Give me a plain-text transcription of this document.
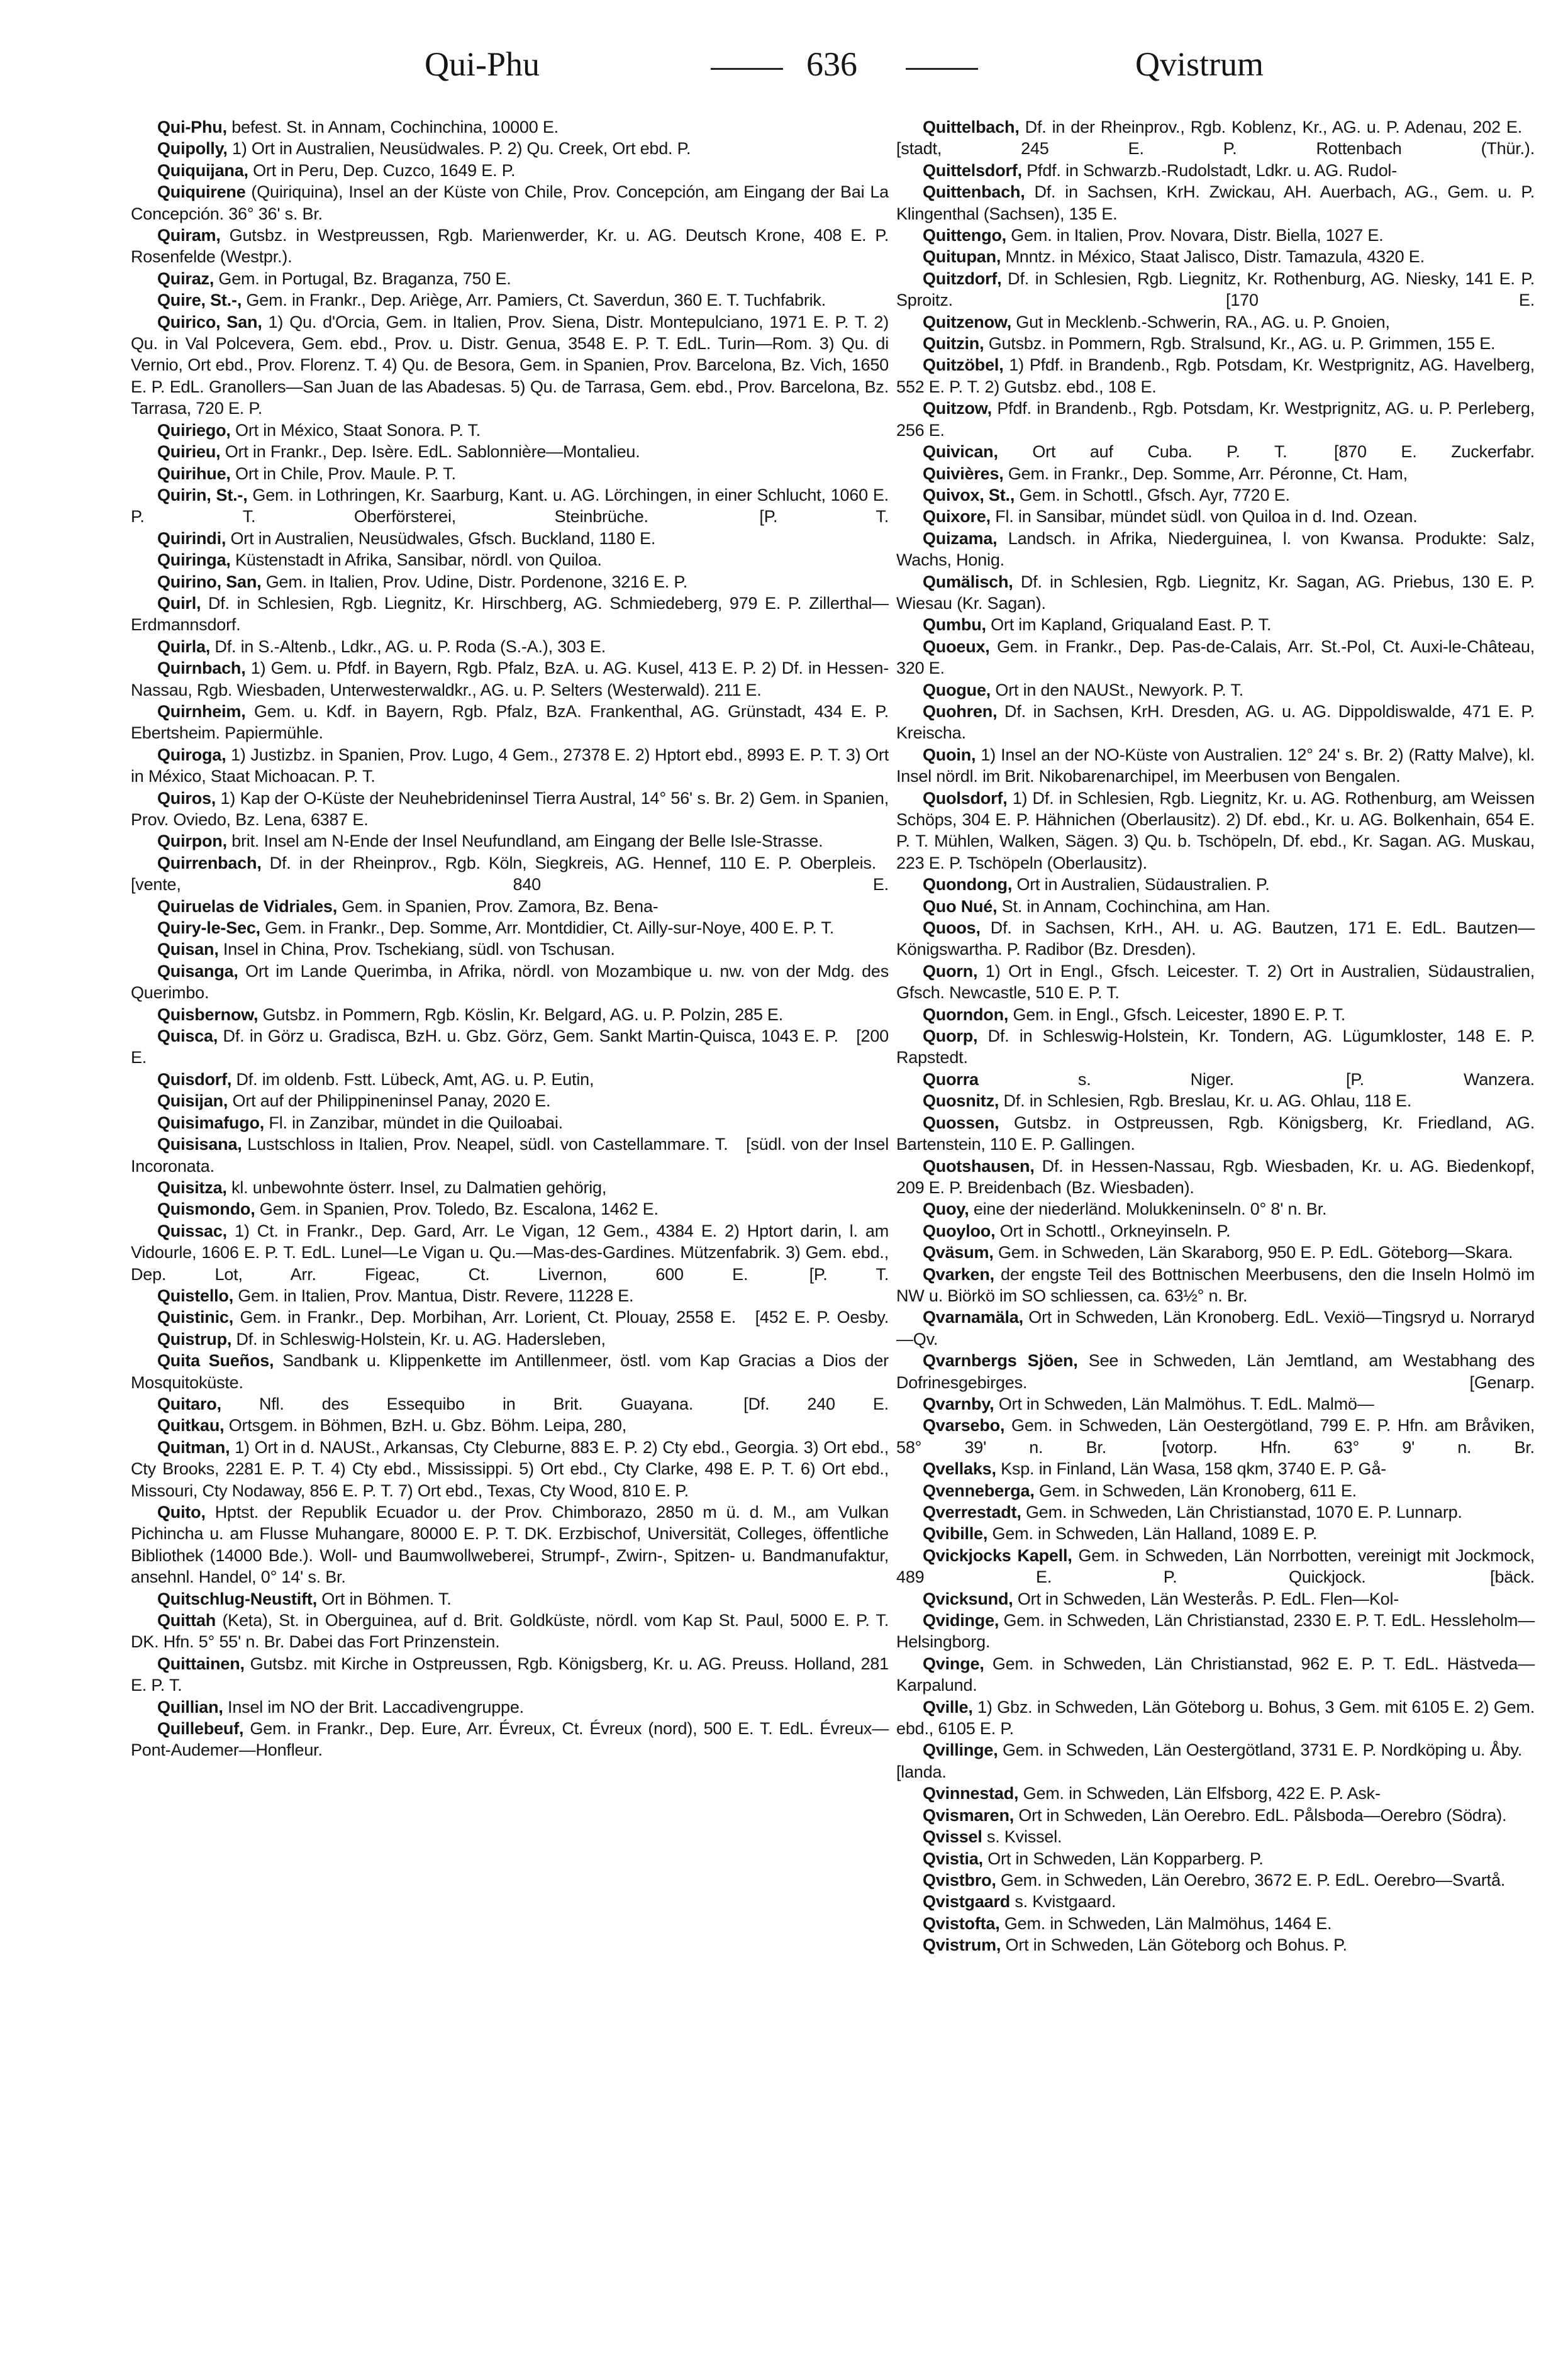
Qui-Phu	636	Qvistrum

Qui-Phu, befest. St. in Annam, Cochinchina, 10000 E.

Quipolly, 1) Ort in Australien, Neusüdwales. P. 2) Qu. Creek, Ort ebd. P.

Quiquijana, Ort in Peru, Dep. Cuzco, 1649 E. P.

Quiquirene (Quiriquina), Insel an der Küste von Chile, Prov. Concepción, am Eingang der Bai La Concepción. 36° 36' s. Br.

Quiram, Gutsbz. in Westpreussen, Rgb. Marienwerder, Kr. u. AG. Deutsch Krone, 408 E. P. Rosenfelde (Westpr.).

Quiraz, Gem. in Portugal, Bz. Braganza, 750 E.

Quire, St.-, Gem. in Frankr., Dep. Ariège, Arr. Pamiers, Ct. Saverdun, 360 E. T. Tuchfabrik.

Quirico, San, 1) Qu. d'Orcia, Gem. in Italien, Prov. Siena, Distr. Montepulciano, 1971 E. P. T. 2) Qu. in Val Polcevera, Gem. ebd., Prov. u. Distr. Genua, 3548 E. P. T. EdL. Turin—Rom. 3) Qu. di Vernio, Ort ebd., Prov. Florenz. T. 4) Qu. de Besora, Gem. in Spanien, Prov. Barcelona, Bz. Vich, 1650 E. P. EdL. Granollers—San Juan de las Abadesas. 5) Qu. de Tarrasa, Gem. ebd., Prov. Barcelona, Bz. Tarrasa, 720 E. P.

Quiriego, Ort in México, Staat Sonora. P. T.

Quirieu, Ort in Frankr., Dep. Isère. EdL. Sablonnière—Montalieu.

Quirihue, Ort in Chile, Prov. Maule. P. T.

Quirin, St.-, Gem. in Lothringen, Kr. Saarburg, Kant. u. AG. Lörchingen, in einer Schlucht, 1060 E. P. T. Oberförsterei, Steinbrüche. [P. T.

Quirindi, Ort in Australien, Neusüdwales, Gfsch. Buckland, 1180 E.

Quiringa, Küstenstadt in Afrika, Sansibar, nördl. von Quiloa.

Quirino, San, Gem. in Italien, Prov. Udine, Distr. Pordenone, 3216 E. P.

Quirl, Df. in Schlesien, Rgb. Liegnitz, Kr. Hirschberg, AG. Schmiedeberg, 979 E. P. Zillerthal—Erdmannsdorf.

Quirla, Df. in S.-Altenb., Ldkr., AG. u. P. Roda (S.-A.), 303 E.

Quirnbach, 1) Gem. u. Pfdf. in Bayern, Rgb. Pfalz, BzA. u. AG. Kusel, 413 E. P. 2) Df. in Hessen-Nassau, Rgb. Wiesbaden, Unterwesterwaldkr., AG. u. P. Selters (Westerwald). 211 E.

Quirnheim, Gem. u. Kdf. in Bayern, Rgb. Pfalz, BzA. Frankenthal, AG. Grünstadt, 434 E. P. Ebertsheim. Papiermühle.

Quiroga, 1) Justizbz. in Spanien, Prov. Lugo, 4 Gem., 27378 E. 2) Hptort ebd., 8993 E. P. T. 3) Ort in México, Staat Michoacan. P. T.

Quiros, 1) Kap der O-Küste der Neuhebrideninsel Tierra Austral, 14° 56' s. Br. 2) Gem. in Spanien, Prov. Oviedo, Bz. Lena, 6387 E.

Quirpon, brit. Insel am N-Ende der Insel Neufundland, am Eingang der Belle Isle-Strasse.

Quirrenbach, Df. in der Rheinprov., Rgb. Köln, Siegkreis, AG. Hennef, 110 E. P. Oberpleis. [vente, 840 E.

Quiruelas de Vidriales, Gem. in Spanien, Prov. Zamora, Bz. Bena-

Quiry-le-Sec, Gem. in Frankr., Dep. Somme, Arr. Montdidier, Ct. Ailly-sur-Noye, 400 E. P. T.

Quisan, Insel in China, Prov. Tschekiang, südl. von Tschusan.

Quisanga, Ort im Lande Querimba, in Afrika, nördl. von Mozambique u. nw. von der Mdg. des Querimbo.

Quisbernow, Gutsbz. in Pommern, Rgb. Köslin, Kr. Belgard, AG. u. P. Polzin, 285 E.

Quisca, Df. in Görz u. Gradisca, BzH. u. Gbz. Görz, Gem. Sankt Martin-Quisca, 1043 E. P. [200 E.

Quisdorf, Df. im oldenb. Fstt. Lübeck, Amt, AG. u. P. Eutin,

Quisijan, Ort auf der Philippineninsel Panay, 2020 E.

Quisimafugo, Fl. in Zanzibar, mündet in die Quiloabai.

Quisisana, Lustschloss in Italien, Prov. Neapel, südl. von Castellammare. T. [südl. von der Insel Incoronata.

Quisitza, kl. unbewohnte österr. Insel, zu Dalmatien gehörig,

Quismondo, Gem. in Spanien, Prov. Toledo, Bz. Escalona, 1462 E.

Quissac, 1) Ct. in Frankr., Dep. Gard, Arr. Le Vigan, 12 Gem., 4384 E. 2) Hptort darin, l. am Vidourle, 1606 E. P. T. EdL. Lunel—Le Vigan u. Qu.—Mas-des-Gardines. Mützenfabrik. 3) Gem. ebd., Dep. Lot, Arr. Figeac, Ct. Livernon, 600 E. [P. T.

Quistello, Gem. in Italien, Prov. Mantua, Distr. Revere, 11228 E.

Quistinic, Gem. in Frankr., Dep. Morbihan, Arr. Lorient, Ct. Plouay, 2558 E. [452 E. P. Oesby.

Quistrup, Df. in Schleswig-Holstein, Kr. u. AG. Hadersleben,

Quita Sueños, Sandbank u. Klippenkette im Antillenmeer, östl. vom Kap Gracias a Dios der Mosquitoküste.

Quitaro, Nfl. des Essequibo in Brit. Guayana. [Df. 240 E.

Quitkau, Ortsgem. in Böhmen, BzH. u. Gbz. Böhm. Leipa, 280,

Quitman, 1) Ort in d. NAUSt., Arkansas, Cty Cleburne, 883 E. P. 2) Cty ebd., Georgia. 3) Ort ebd., Cty Brooks, 2281 E. P. T. 4) Cty ebd., Mississippi. 5) Ort ebd., Cty Clarke, 498 E. P. T. 6) Ort ebd., Missouri, Cty Nodaway, 856 E. P. T. 7) Ort ebd., Texas, Cty Wood, 810 E. P.

Quito, Hptst. der Republik Ecuador u. der Prov. Chimborazo, 2850 m ü. d. M., am Vulkan Pichincha u. am Flusse Muhangare, 80000 E. P. T. DK. Erzbischof, Universität, Colleges, öffentliche Bibliothek (14000 Bde.). Woll- und Baumwollweberei, Strumpf-, Zwirn-, Spitzen- u. Bandmanufaktur, ansehnl. Handel, 0° 14' s. Br.

Quitschlug-Neustift, Ort in Böhmen. T.

Quittah (Keta), St. in Oberguinea, auf d. Brit. Goldküste, nördl. vom Kap St. Paul, 5000 E. P. T. DK. Hfn. 5° 55' n. Br. Dabei das Fort Prinzenstein.

Quittainen, Gutsbz. mit Kirche in Ostpreussen, Rgb. Königsberg, Kr. u. AG. Preuss. Holland, 281 E. P. T.

Quillian, Insel im NO der Brit. Laccadivengruppe.

Quillebeuf, Gem. in Frankr., Dep. Eure, Arr. Évreux, Ct. Évreux (nord), 500 E. T. EdL. Évreux—Pont-Audemer—Honfleur.

Quittelbach, Df. in der Rheinprov., Rgb. Koblenz, Kr., AG. u. P. Adenau, 202 E. [stadt, 245 E. P. Rottenbach (Thür.).

Quittelsdorf, Pfdf. in Schwarzb.-Rudolstadt, Ldkr. u. AG. Rudol-

Quittenbach, Df. in Sachsen, KrH. Zwickau, AH. Auerbach, AG., Gem. u. P. Klingenthal (Sachsen), 135 E.

Quittengo, Gem. in Italien, Prov. Novara, Distr. Biella, 1027 E.

Quitupan, Mnntz. in México, Staat Jalisco, Distr. Tamazula, 4320 E.

Quitzdorf, Df. in Schlesien, Rgb. Liegnitz, Kr. Rothenburg, AG. Niesky, 141 E. P. Sproitz. [170 E.

Quitzenow, Gut in Mecklenb.-Schwerin, RA., AG. u. P. Gnoien,

Quitzin, Gutsbz. in Pommern, Rgb. Stralsund, Kr., AG. u. P. Grimmen, 155 E.

Quitzöbel, 1) Pfdf. in Brandenb., Rgb. Potsdam, Kr. Westprignitz, AG. Havelberg, 552 E. P. T. 2) Gutsbz. ebd., 108 E.

Quitzow, Pfdf. in Brandenb., Rgb. Potsdam, Kr. Westprignitz, AG. u. P. Perleberg, 256 E.

Quivican, Ort auf Cuba. P. T. [870 E. Zuckerfabr.

Quivières, Gem. in Frankr., Dep. Somme, Arr. Péronne, Ct. Ham,

Quivox, St., Gem. in Schottl., Gfsch. Ayr, 7720 E.

Quixore, Fl. in Sansibar, mündet südl. von Quiloa in d. Ind. Ozean.

Quizama, Landsch. in Afrika, Niederguinea, l. von Kwansa. Produkte: Salz, Wachs, Honig.

Qumälisch, Df. in Schlesien, Rgb. Liegnitz, Kr. Sagan, AG. Priebus, 130 E. P. Wiesau (Kr. Sagan).

Qumbu, Ort im Kapland, Griqualand East. P. T.

Quoeux, Gem. in Frankr., Dep. Pas-de-Calais, Arr. St.-Pol, Ct. Auxi-le-Château, 320 E.

Quogue, Ort in den NAUSt., Newyork. P. T.

Quohren, Df. in Sachsen, KrH. Dresden, AG. u. AG. Dippoldiswalde, 471 E. P. Kreischa.

Quoin, 1) Insel an der NO-Küste von Australien. 12° 24' s. Br. 2) (Ratty Malve), kl. Insel nördl. im Brit. Nikobarenarchipel, im Meerbusen von Bengalen.

Quolsdorf, 1) Df. in Schlesien, Rgb. Liegnitz, Kr. u. AG. Rothenburg, am Weissen Schöps, 304 E. P. Hähnichen (Oberlausitz). 2) Df. ebd., Kr. u. AG. Bolkenhain, 654 E. P. T. Mühlen, Walken, Sägen. 3) Qu. b. Tschöpeln, Df. ebd., Kr. Sagan. AG. Muskau, 223 E. P. Tschöpeln (Oberlausitz).

Quondong, Ort in Australien, Südaustralien. P.

Quo Nué, St. in Annam, Cochinchina, am Han.

Quoos, Df. in Sachsen, KrH., AH. u. AG. Bautzen, 171 E. EdL. Bautzen—Königswartha. P. Radibor (Bz. Dresden).

Quorn, 1) Ort in Engl., Gfsch. Leicester. T. 2) Ort in Australien, Südaustralien, Gfsch. Newcastle, 510 E. P. T.

Quorndon, Gem. in Engl., Gfsch. Leicester, 1890 E. P. T.

Quorp, Df. in Schleswig-Holstein, Kr. Tondern, AG. Lügumkloster, 148 E. P. Rapstedt.

Quorra s. Niger. [P. Wanzera.

Quosnitz, Df. in Schlesien, Rgb. Breslau, Kr. u. AG. Ohlau, 118 E.

Quossen, Gutsbz. in Ostpreussen, Rgb. Königsberg, Kr. Friedland, AG. Bartenstein, 110 E. P. Gallingen.

Quotshausen, Df. in Hessen-Nassau, Rgb. Wiesbaden, Kr. u. AG. Biedenkopf, 209 E. P. Breidenbach (Bz. Wiesbaden).

Quoy, eine der niederländ. Molukkeninseln. 0° 8' n. Br.

Quoyloo, Ort in Schottl., Orkneyinseln. P.

Qväsum, Gem. in Schweden, Län Skaraborg, 950 E. P. EdL. Göteborg—Skara.

Qvarken, der engste Teil des Bottnischen Meerbusens, den die Inseln Holmö im NW u. Biörkö im SO schliessen, ca. 63½° n. Br.

Qvarnamäla, Ort in Schweden, Län Kronoberg. EdL. Vexiö—Tingsryd u. Norraryd—Qv.

Qvarnbergs Sjöen, See in Schweden, Län Jemtland, am Westabhang des Dofrinesgebirges. [Genarp.

Qvarnby, Ort in Schweden, Län Malmöhus. T. EdL. Malmö—

Qvarsebo, Gem. in Schweden, Län Oestergötland, 799 E. P. Hfn. am Bråviken, 58° 39' n. Br. [votorp. Hfn. 63° 9' n. Br.

Qvellaks, Ksp. in Finland, Län Wasa, 158 qkm, 3740 E. P. Gå-

Qvenneberga, Gem. in Schweden, Län Kronoberg, 611 E.

Qverrestadt, Gem. in Schweden, Län Christianstad, 1070 E. P. Lunnarp.

Qvibille, Gem. in Schweden, Län Halland, 1089 E. P.

Qvickjocks Kapell, Gem. in Schweden, Län Norrbotten, vereinigt mit Jockmock, 489 E. P. Quickjock. [bäck.

Qvicksund, Ort in Schweden, Län Westerås. P. EdL. Flen—Kol-

Qvidinge, Gem. in Schweden, Län Christianstad, 2330 E. P. T. EdL. Hessleholm—Helsingborg.

Qvinge, Gem. in Schweden, Län Christianstad, 962 E. P. T. EdL. Hästveda—Karpalund.

Qville, 1) Gbz. in Schweden, Län Göteborg u. Bohus, 3 Gem. mit 6105 E. 2) Gem. ebd., 6105 E. P.

Qvillinge, Gem. in Schweden, Län Oestergötland, 3731 E. P. Nordköping u. Åby. [landa.

Qvinnestad, Gem. in Schweden, Län Elfsborg, 422 E. P. Ask-

Qvismaren, Ort in Schweden, Län Oerebro. EdL. Pålsboda—Oerebro (Södra).

Qvissel s. Kvissel.

Qvistia, Ort in Schweden, Län Kopparberg. P.

Qvistbro, Gem. in Schweden, Län Oerebro, 3672 E. P. EdL. Oerebro—Svartå.

Qvistgaard s. Kvistgaard.

Qvistofta, Gem. in Schweden, Län Malmöhus, 1464 E.

Qvistrum, Ort in Schweden, Län Göteborg och Bohus. P.
